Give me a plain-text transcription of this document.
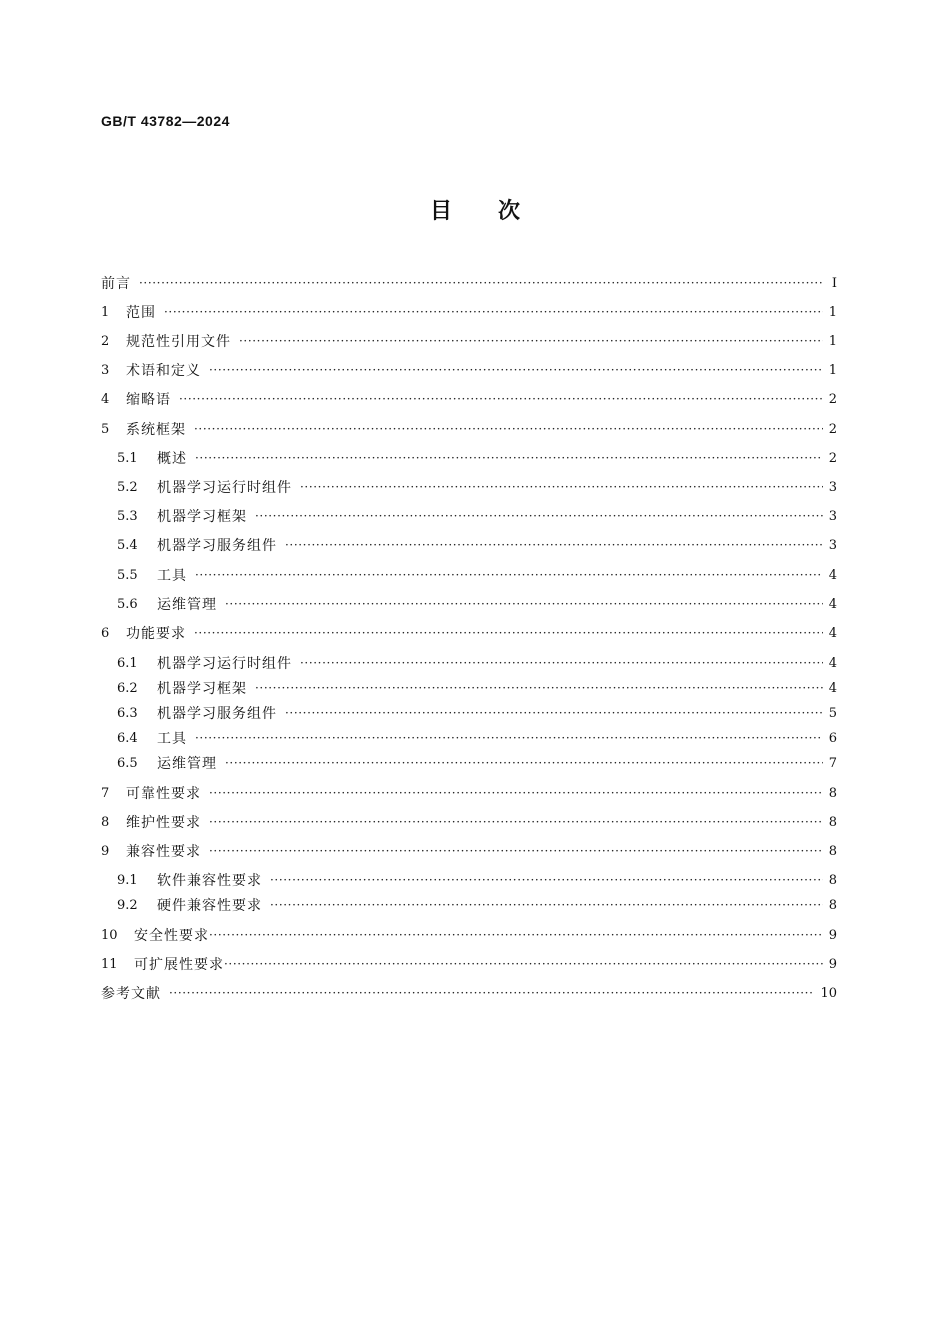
GB/T 43782—2024
目 次
前言 ·····	Ⅰ
1	范围 ·····	1
2	规范性引用文件 ·····	1
3	术语和定义 ·····	1
4	缩略语 ·····	2
5	系统框架 ·····	2
5.1	概述 ·····	2
5.2	机器学习运行时组件 ·····	3
5.3	机器学习框架 ·····	3
5.4	机器学习服务组件 ·····	3
5.5	工具 ·····	4
5.6	运维管理 ·····	4
6	功能要求 ·····	4
6.1	机器学习运行时组件 ·····	4
6.2	机器学习框架 ·····	4
6.3	机器学习服务组件 ·····	5
6.4	工具 ·····	6
6.5	运维管理 ·····	7
7	可靠性要求 ·····	8
8	维护性要求 ·····	8
9	兼容性要求 ·····	8
9.1	软件兼容性要求 ·····	8
9.2	硬件兼容性要求 ·····	8
10	安全性要求 ·····	9
11	可扩展性要求 ·····	9
参考文献 ·····	10
